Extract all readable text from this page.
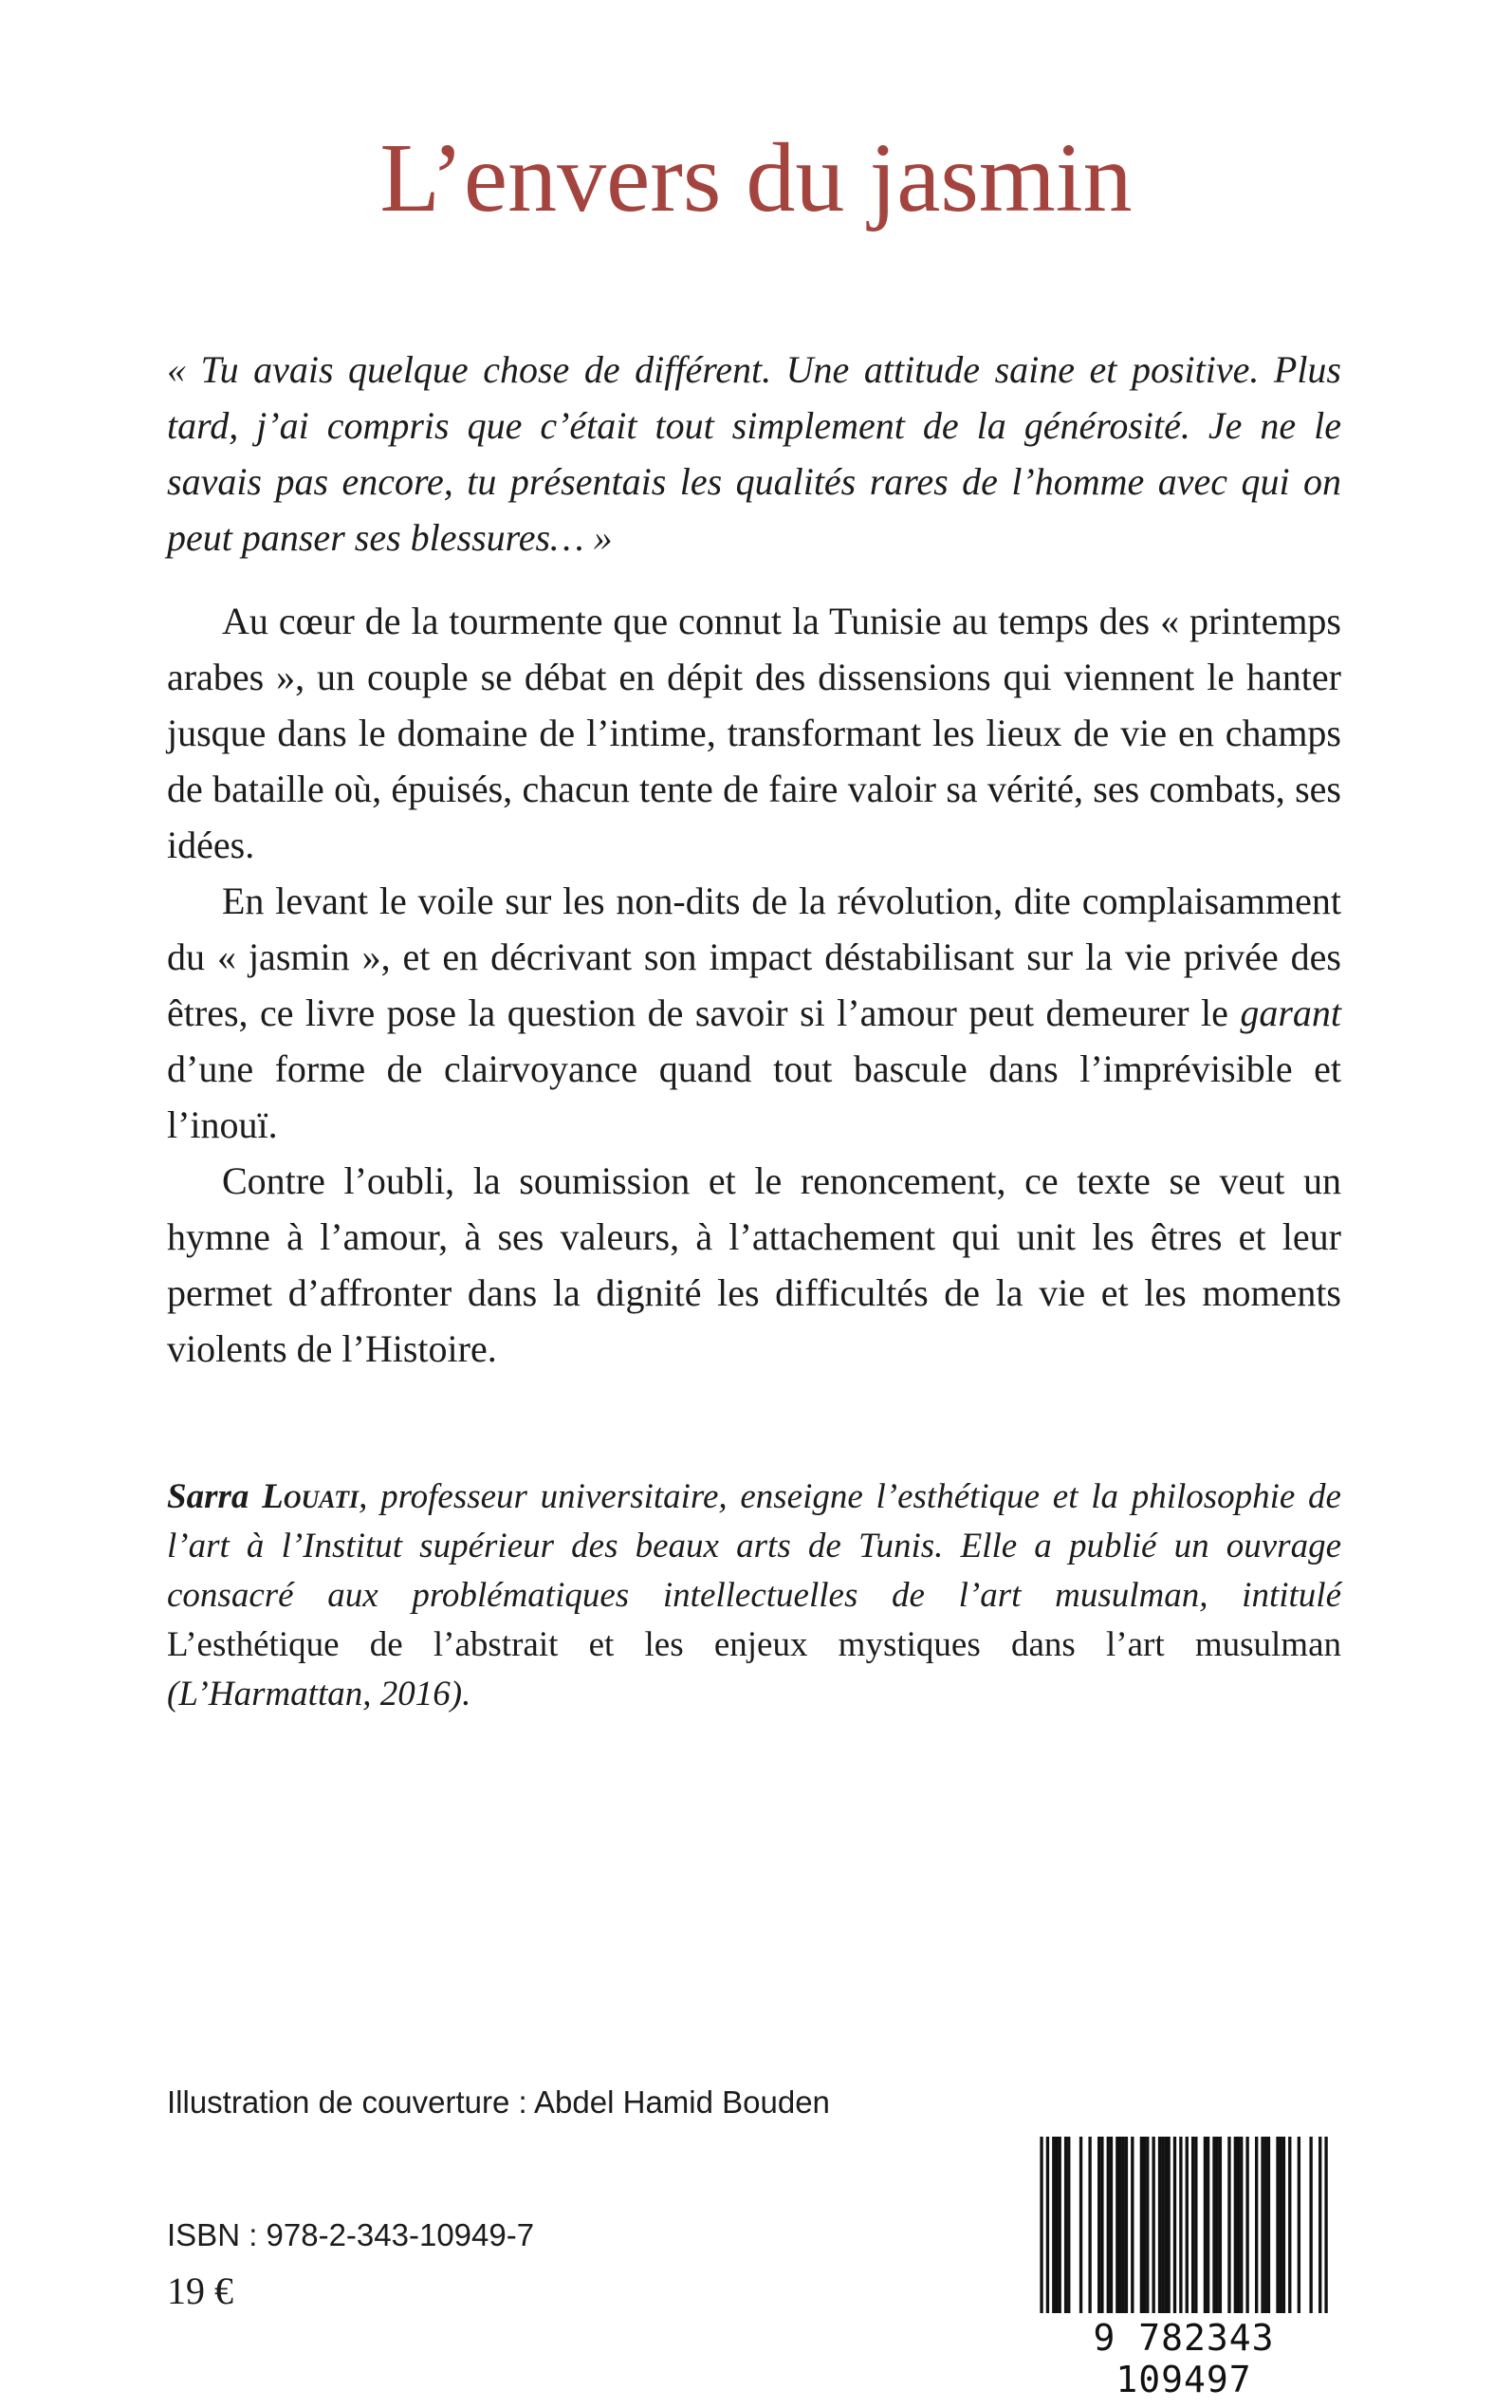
L’envers du jasmin

« Tu avais quelque chose de différent. Une attitude saine et positive. Plus tard, j’ai compris que c’était tout simplement de la générosité. Je ne le savais pas encore, tu présentais les qualités rares de l’homme avec qui on peut panser ses blessures… »

Au cœur de la tourmente que connut la Tunisie au temps des « printemps arabes », un couple se débat en dépit des dissensions qui viennent le hanter jusque dans le domaine de l’intime, transformant les lieux de vie en champs de bataille où, épuisés, chacun tente de faire valoir sa vérité, ses combats, ses idées.

En levant le voile sur les non-dits de la révolution, dite complaisamment du « jasmin », et en décrivant son impact déstabilisant sur la vie privée des êtres, ce livre pose la question de savoir si l’amour peut demeurer le garant d’une forme de clairvoyance quand tout bascule dans l’imprévisible et l’inouï.

Contre l’oubli, la soumission et le renoncement, ce texte se veut un hymne à l’amour, à ses valeurs, à l’attachement qui unit les êtres et leur permet d’affronter dans la dignité les difficultés de la vie et les moments violents de l’Histoire.

Sarra Louati, professeur universitaire, enseigne l’esthétique et la philosophie de l’art à l’Institut supérieur des beaux arts de Tunis. Elle a publié un ouvrage consacré aux problématiques intellectuelles de l’art musulman, intitulé L’esthétique de l’abstrait et les enjeux mystiques dans l’art musulman (L’Harmattan, 2016).

Illustration de couverture : Abdel Hamid Bouden
ISBN : 978-2-343-10949-7
19 €
9 782343 109497
